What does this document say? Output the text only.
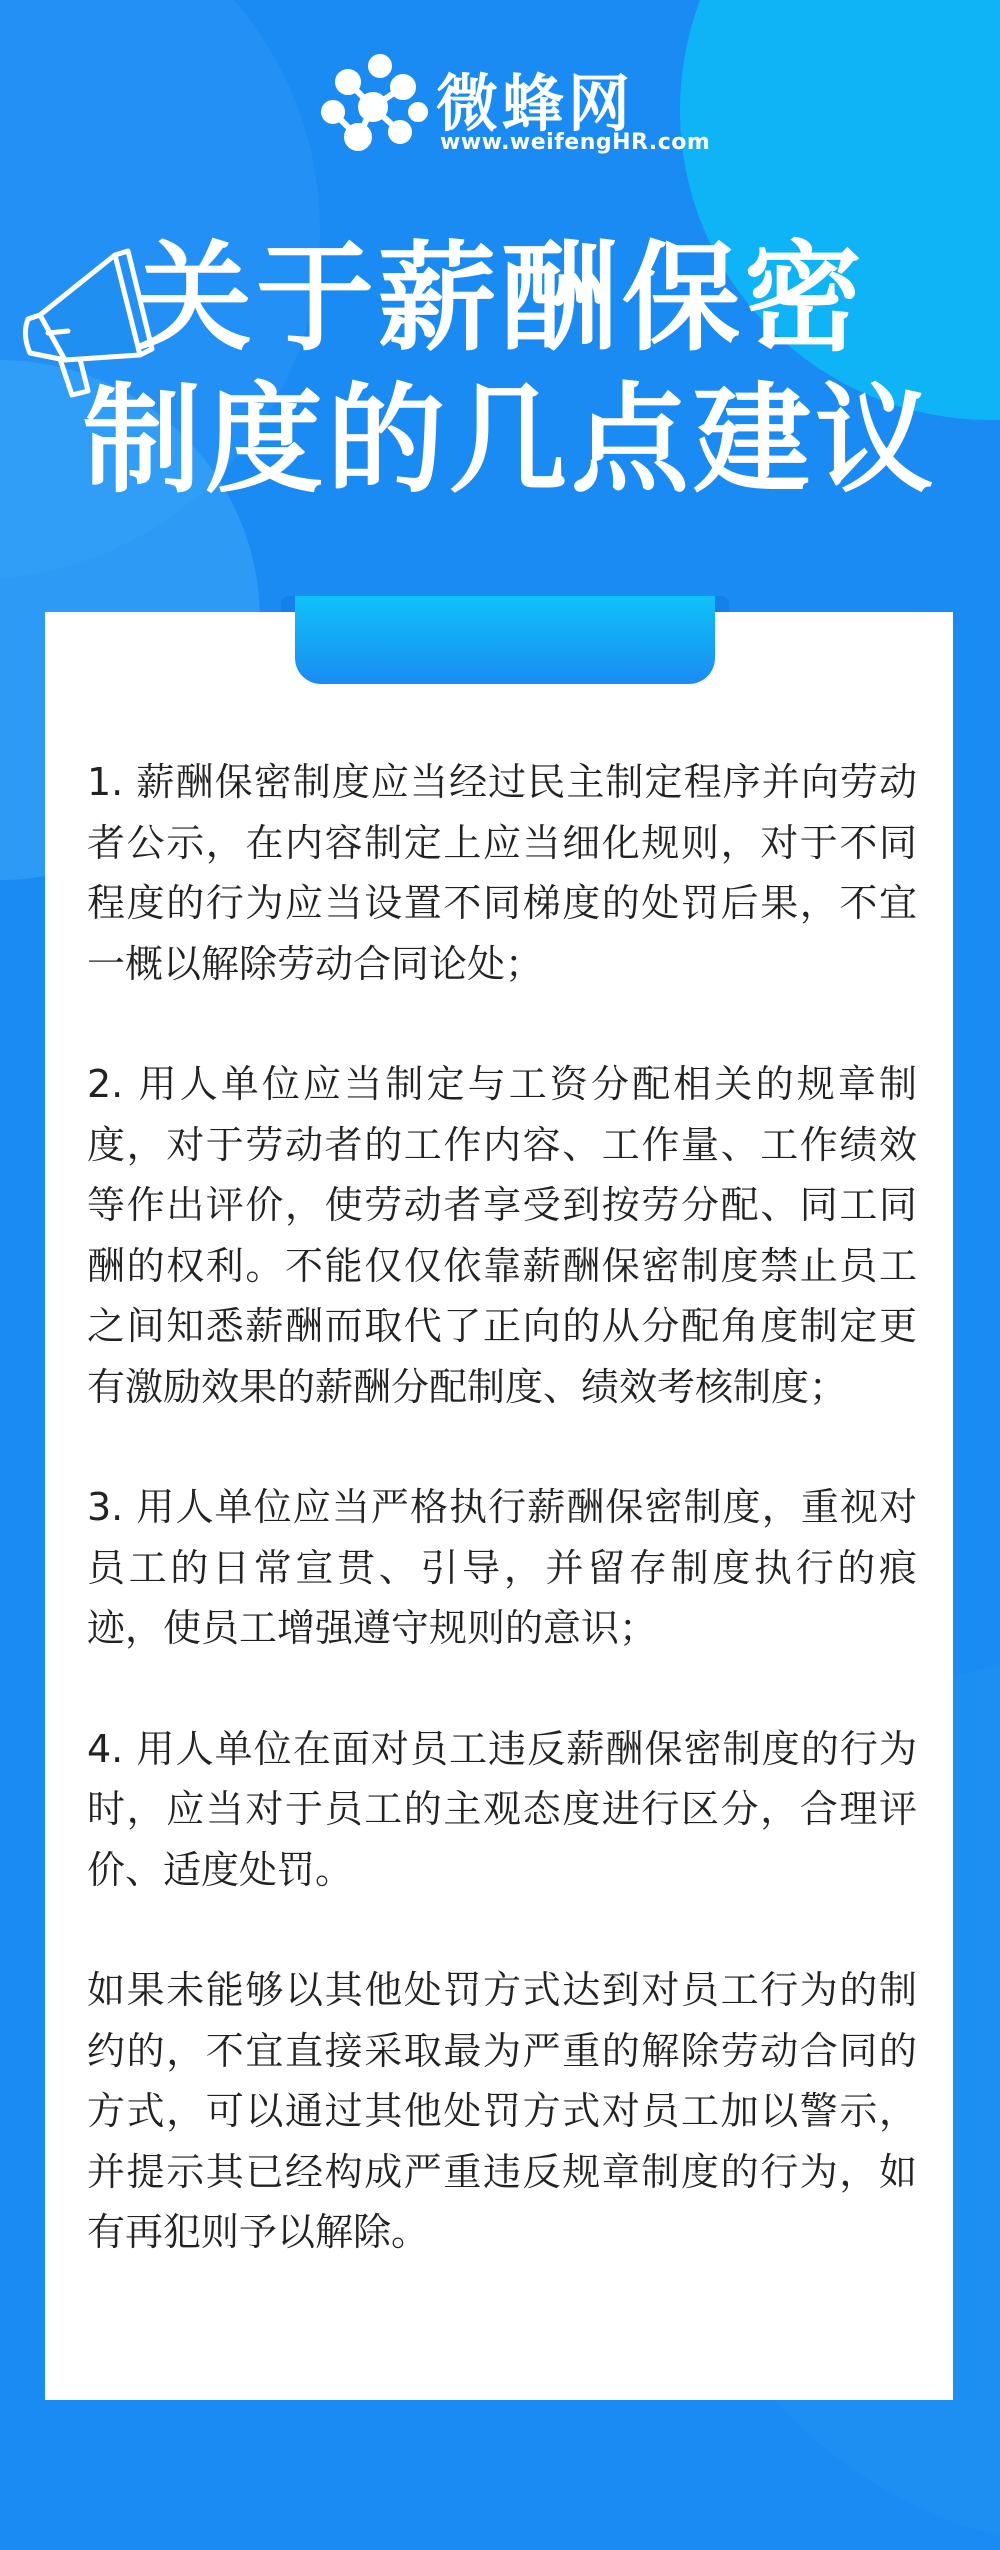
微蜂网
www.weifengHR.com
关于薪酬保密
制度的几点建议

1. 薪酬保密制度应当经过民主制定程序并向劳动者公示，在内容制定上应当细化规则，对于不同程度的行为应当设置不同梯度的处罚后果，不宜一概以解除劳动合同论处；

2. 用人单位应当制定与工资分配相关的规章制度，对于劳动者的工作内容、工作量、工作绩效等作出评价，使劳动者享受到按劳分配、同工同酬的权利。不能仅仅依靠薪酬保密制度禁止员工之间知悉薪酬而取代了正向的从分配角度制定更有激励效果的薪酬分配制度、绩效考核制度；

3. 用人单位应当严格执行薪酬保密制度，重视对员工的日常宣贯、引导，并留存制度执行的痕迹，使员工增强遵守规则的意识；

4. 用人单位在面对员工违反薪酬保密制度的行为时，应当对于员工的主观态度进行区分，合理评价、适度处罚。

如果未能够以其他处罚方式达到对员工行为的制约的，不宜直接采取最为严重的解除劳动合同的方式，可以通过其他处罚方式对员工加以警示，并提示其已经构成严重违反规章制度的行为，如有再犯则予以解除。
